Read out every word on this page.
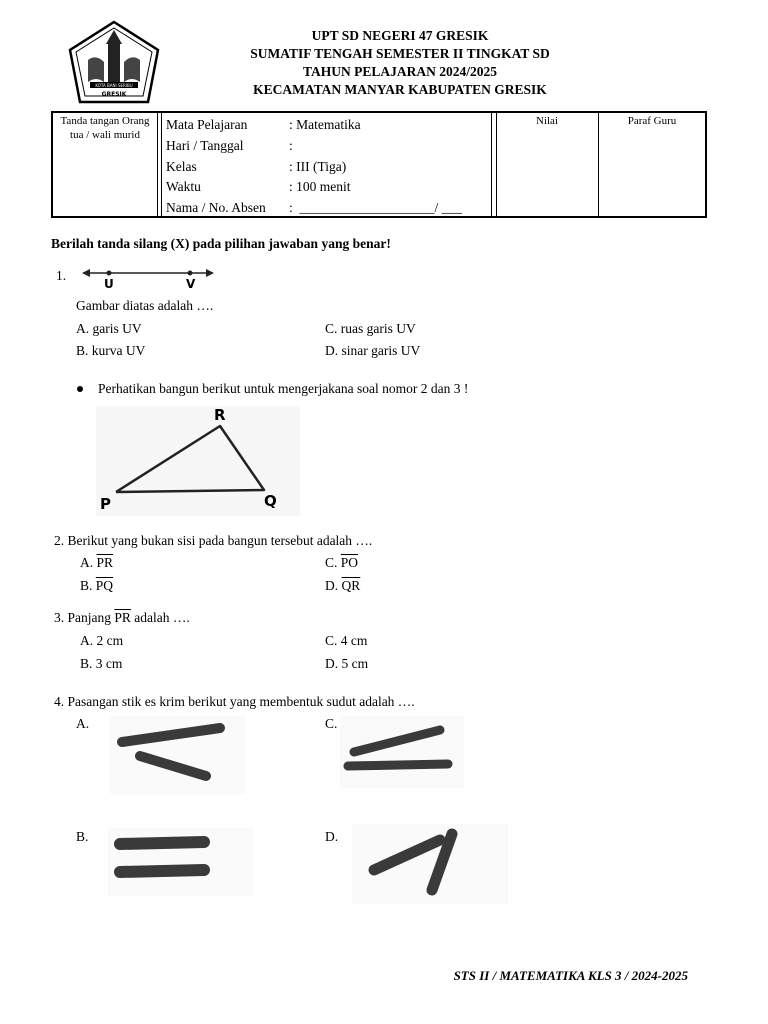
KOTA BANI SERIBU
GRESIK
UPT SD NEGERI 47 GRESIK
SUMATIF TENGAH SEMESTER II TINGKAT SD
TAHUN PELAJARAN 2024/2025
KECAMATAN MANYAR KABUPATEN GRESIK
Tanda tangan Orang tua / wali murid
Nilai	Paraf Guru
Mata Pelajaran	: Matematika
Hari / Tanggal	:
Kelas	: III (Tiga)
Waktu	: 100 menit
Nama / No. Absen :  ____________________/ ___
Berilah tanda silang (X) pada pilihan jawaban yang benar!
1.
U	V
Gambar diatas adalah ….
A. garis UV
B. kurva UV
C. ruas garis UV
D. sinar garis UV
Perhatikan bangun berikut untuk mengerjakana soal nomor 2 dan 3 !
R
P	Q
2. Berikut yang bukan sisi pada bangun tersebut adalah ….
A. $\overline{PR}$
B. $\overline{PQ}$
C. $\overline{PO}$
D. $\overline{QR}$
3. Panjang $\overline{PR}$ adalah ….
A. 2 cm
B. 3 cm
C. 4 cm
D. 5 cm
4. Pasangan stik es krim berikut yang membentuk sudut adalah ….
A.	C.
B.	D.
STS II / MATEMATIKA KLS 3 / 2024-2025
